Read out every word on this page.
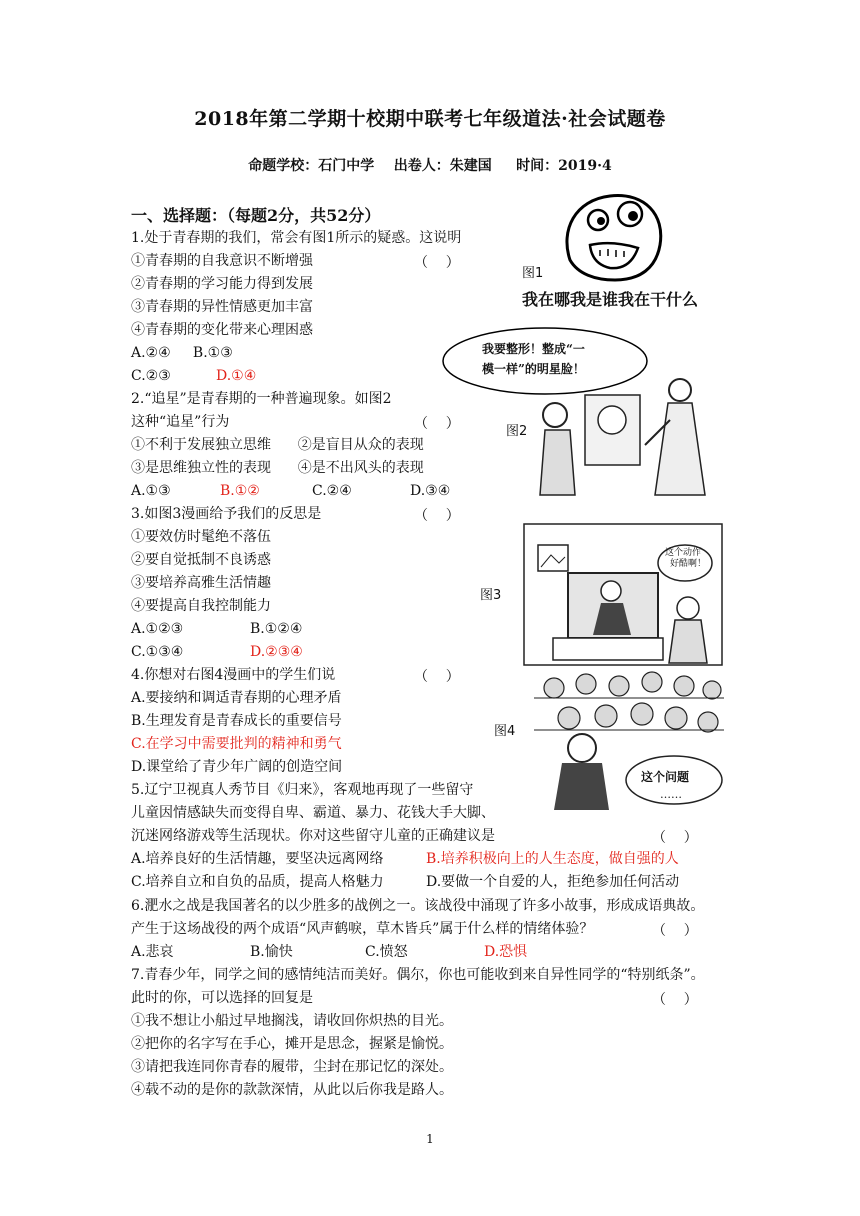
2018年第二学期十校期中联考七年级道法·社会试题卷
命题学校：石门中学    出卷人：朱建国     时间：2019·4
一、选择题：（每题2分，共52分）
1.处于青春期的我们，常会有图1所示的疑惑。这说明
①青春期的自我意识不断增强	（    ）
②青春期的学习能力得到发展
③青春期的异性情感更加丰富
④青春期的变化带来心理困惑
A.②④     B.①③
C.②③	D.①④
2.“追星”是青春期的一种普遍现象。如图2
这种“追星”行为	（    ）
①不利于发展独立思维      ②是盲目从众的表现
③是思维独立性的表现      ④是不出风头的表现
A.①③	B.①②	C.②④	D.③④
3.如图3漫画给予我们的反思是	（    ）
①要效仿时髦绝不落伍
②要自觉抵制不良诱惑
③要培养高雅生活情趣
④要提高自我控制能力
A.①②③	B.①②④
C.①③④	D.②③④
4.你想对右图4漫画中的学生们说	（    ）
A.要接纳和调适青春期的心理矛盾
B.生理发育是青春成长的重要信号
C.在学习中需要批判的精神和勇气
D.课堂给了青少年广阔的创造空间
5.辽宁卫视真人秀节目《归来》，客观地再现了一些留守
儿童因情感缺失而变得自卑、霸道、暴力、花钱大手大脚、
沉迷网络游戏等生活现状。你对这些留守儿童的正确建议是	（    ）
A.培养良好的生活情趣，要坚决远离网络	B.培养积极向上的人生态度，做自强的人
C.培养自立和自负的品质，提高人格魅力	D.要做一个自爱的人，拒绝参加任何活动
6.淝水之战是我国著名的以少胜多的战例之一。该战役中涌现了许多小故事，形成成语典故。
产生于这场战役的两个成语“风声鹤唳，草木皆兵”属于什么样的情绪体验？	（    ）
A.悲哀	B.愉快	C.愤怒	D.恐惧
7.青春少年，同学之间的感情纯洁而美好。偶尔，你也可能收到来自异性同学的“特别纸条”。
此时的你，可以选择的回复是	（    ）
①我不想让小船过早地搁浅，请收回你炽热的目光。
②把你的名字写在手心，摊开是思念，握紧是愉悦。
③请把我连同你青春的履带，尘封在那记忆的深处。
④载不动的是你的款款深情，从此以后你我是路人。
图1
我在哪我是谁我在干什么
我要整形！整成“一
模一样”的明星脸！
图2
图3
这个动作
好酷啊！
图4
这个问题
……
1
